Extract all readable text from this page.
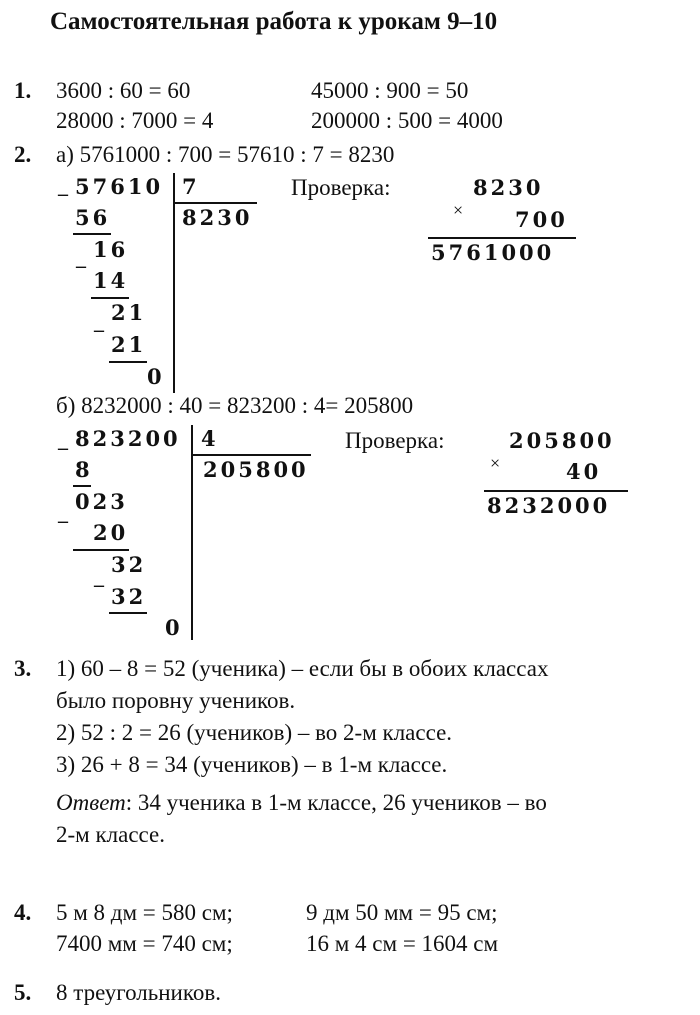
Самостоятельная работа к урокам 9–10
1. 3600 : 60 = 60	45000 : 900 = 50
28000 : 7000 = 4	200000 : 500 = 4000
2. а) 5761000 : 700 = 57610 : 7 = 8230
_ 57610 7
8230
56
_ 16
14
_ 21
21
0
Проверка:	8230
× 700
5761000
б) 8232000 : 40 = 823200 : 4= 205800
_ 823200 4
205800
8
023
_
20
_
32
32
0
Проверка:	205800
×	40
8232000
3. 1) 60 – 8 = 52 (ученика) – если бы в обоих классах
было поровну учеников.
2) 52 : 2 = 26 (учеников) – во 2-м классе.
3) 26 + 8 = 34 (учеников) – в 1-м классе.
Ответ: 34 ученика в 1-м классе, 26 учеников – во
2-м классе.
4. 5 м 8 дм = 580 см;	9 дм 50 мм = 95 см;
7400 мм = 740 см;	16 м 4 см = 1604 см
5. 8 треугольников.
